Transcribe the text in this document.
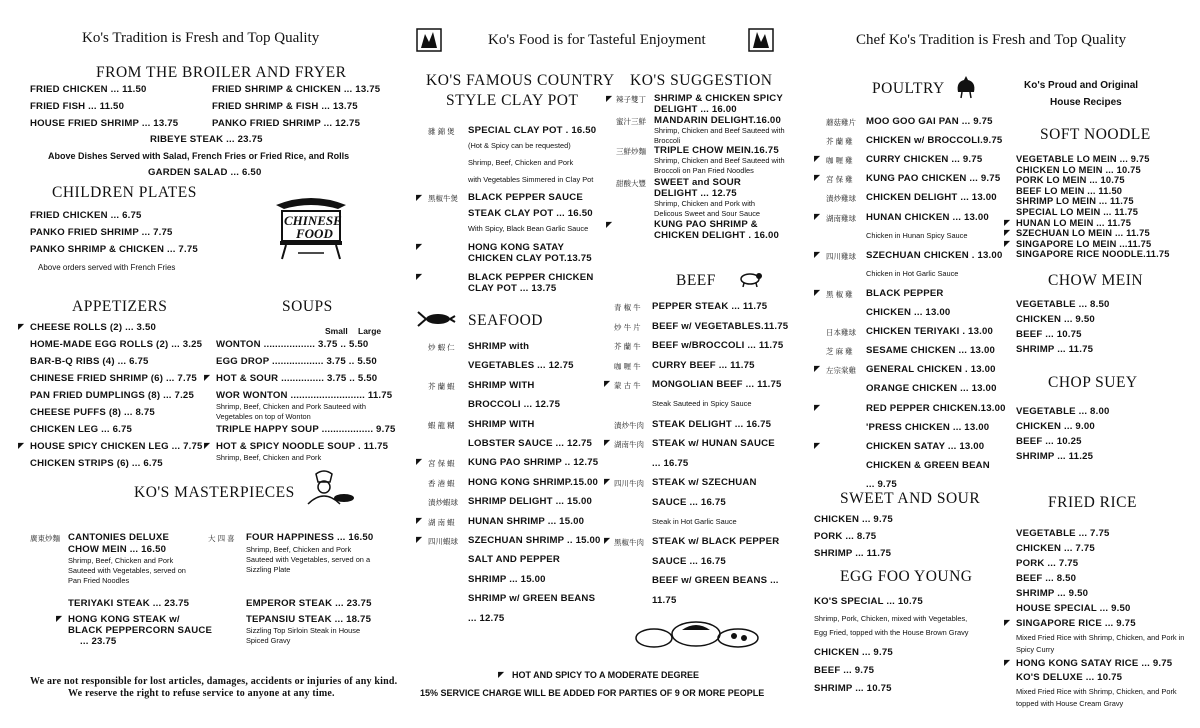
Ko's Tradition is Fresh and Top Quality
FROM THE BROILER AND FRYER
FRIED CHICKEN ... 11.50
FRIED FISH ... 11.50
HOUSE FRIED SHRIMP ... 13.75
FRIED SHRIMP & CHICKEN ... 13.75
FRIED SHRIMP & FISH ... 13.75
PANKO FRIED SHRIMP ... 12.75
RIBEYE STEAK ... 23.75
Above Dishes Served with Salad, French Fries or Fried Rice, and Rolls
GARDEN SALAD ... 6.50
CHILDREN PLATES
FRIED CHICKEN ... 6.75
PANKO FRIED SHRIMP ... 7.75
PANKO SHRIMP & CHICKEN ... 7.75
Above orders served with French Fries
CHINESE
FOOD
APPETIZERS
◤ CHEESE ROLLS (2) ... 3.50
HOME-MADE EGG ROLLS (2) ... 3.25
BAR-B-Q RIBS (4) ... 6.75
CHINESE FRIED SHRIMP (6) ... 7.75
PAN FRIED DUMPLINGS (8) ... 7.25
CHEESE PUFFS (8) ... 8.75
CHICKEN LEG ... 6.75
◤ HOUSE SPICY CHICKEN LEG ... 7.75
CHICKEN STRIPS (6) ... 6.75
SOUPS
Small Large
WONTON .................. 3.75 .. 5.50
EGG DROP .................. 3.75 .. 5.50
◤ HOT & SOUR ............... 3.75 .. 5.50
WOR WONTON .......................... 11.75
Shrimp, Beef, Chicken and Pork Sauteed with Vegetables on top of Wonton
TRIPLE HAPPY SOUP .................. 9.75
◤ HOT & SPICY NOODLE SOUP . 11.75
Shrimp, Beef, Chicken and Pork
KO'S MASTERPIECES
廣東炒麵 CANTONIES DELUXE
CHOW MEIN ... 16.50
Shrimp, Beef, Chicken and Pork Sauteed with Vegetables, served on Pan Fried Noodles
大 四 喜 FOUR HAPPINESS ... 16.50
Shrimp, Beef, Chicken and Pork Sauteed with Vegetables, served on a Sizzling Plate
TERIYAKI STEAK ... 23.75	EMPEROR STEAK ... 23.75
◤ HONG KONG STEAK w/
BLACK PEPPERCORN SAUCE
... 23.75
TEPANSIU STEAK ... 18.75
Sizzling Top Sirloin Steak in House Spiced Gravy
We are not responsible for lost articles, damages, accidents or injuries of any kind.
We reserve the right to refuse service to anyone at any time.
Ko's Food is for Tasteful Enjoyment
KO'S FAMOUS COUNTRY
STYLE CLAY POT
雜 錦 煲 SPECIAL CLAY POT . 16.50
(Hot & Spicy can be requested)
Shrimp, Beef, Chicken and Pork
with Vegetables Simmered in Clay Pot
◤ 黑椒牛煲 BLACK PEPPER SAUCE
STEAK CLAY POT ... 16.50
With Spicy, Black Bean Garlic Sauce
◤	HONG KONG SATAY
CHICKEN CLAY POT.13.75
◤	BLACK PEPPER CHICKEN
CLAY POT ... 13.75
KO'S SUGGESTION
◤ 辣子雙丁 SHRIMP & CHICKEN SPICY
DELIGHT ... 16.00
蜜汁三鮮 MANDARIN DELIGHT.16.00
Shrimp, Chicken and Beef Sauteed with Broccoli
三鮮炒麵 TRIPLE CHOW MEIN.16.75
Shrimp, Chicken and Beef Sauteed with Broccoli on Pan Fried Noodles
甜酸大豐 SWEET and SOUR
DELIGHT ... 12.75
Shrimp, Chicken and Pork with Delicous Sweet and Sour Sauce
◤	KUNG PAO SHRIMP &
CHICKEN DELIGHT . 16.00
SEAFOOD
炒 蝦 仁 SHRIMP with
VEGETABLES ... 12.75
芥 蘭 蝦 SHRIMP WITH
BROCCOLI ... 12.75
蝦 龍 糊 SHRIMP WITH
LOBSTER SAUCE ... 12.75
宮 保 蝦 KUNG PAO SHRIMP .. 12.75
香 港 蝦 HONG KONG SHRIMP.15.00
漬炒蝦球 SHRIMP DELIGHT ... 15.00
湖 南 蝦 HUNAN SHRIMP ... 15.00
四川蝦球 SZECHUAN SHRIMP .. 15.00
SALT AND PEPPER
SHRIMP ... 15.00
SHRIMP w/ GREEN BEANS
... 12.75
◤
◤
◤
BEEF
青 椒 牛 PEPPER STEAK ... 11.75
炒 牛 片 BEEF w/ VEGETABLES.11.75
芥 蘭 牛 BEEF w/BROCCOLI ... 11.75
咖 喱 牛 CURRY BEEF ... 11.75
蒙 古 牛 MONGOLIAN BEEF ... 11.75
Steak Sauteed in Spicy Sauce
漬炒牛肉 STEAK DELIGHT ... 16.75
湖南牛肉 STEAK w/ HUNAN SAUCE
... 16.75
四川牛肉 STEAK w/ SZECHUAN
SAUCE ... 16.75
Steak in Hot Garlic Sauce
黑椒牛肉 STEAK w/ BLACK PEPPER
SAUCE ... 16.75
BEEF w/ GREEN BEANS ...
11.75
◤
◤
◤
◤
◤ HOT AND SPICY TO A MODERATE DEGREE
15% SERVICE CHARGE WILL BE ADDED FOR PARTIES OF 9 OR MORE PEOPLE
Chef Ko's Tradition is Fresh and Top Quality
POULTRY
蘑菇雞片 MOO GOO GAI PAN ... 9.75
芥 蘭 雞 CHICKEN w/ BROCCOLI.9.75
咖 喱 雞 CURRY CHICKEN ... 9.75
宮 保 雞 KUNG PAO CHICKEN ... 9.75
漬炒雞球 CHICKEN DELIGHT ... 13.00
湖南雞球 HUNAN CHICKEN ... 13.00
Chicken in Hunan Spicy Sauce
四川雞球 SZECHUAN CHICKEN . 13.00
Chicken in Hot Garlic Sauce
黑 椒 雞 BLACK PEPPER
CHICKEN ... 13.00
日本雞球 CHICKEN TERIYAKI . 13.00
芝 麻 雞 SESAME CHICKEN ... 13.00
左宗棠雞 GENERAL CHICKEN . 13.00
ORANGE CHICKEN ... 13.00
RED PEPPER CHICKEN.13.00
'PRESS CHICKEN ... 13.00
CHICKEN SATAY ... 13.00
CHICKEN & GREEN BEAN
... 9.75
◤
◤
◤
◤
◤
◤
◤
◤
SWEET AND SOUR
CHICKEN ... 9.75
PORK ... 8.75
SHRIMP ... 11.75
EGG FOO YOUNG
KO'S SPECIAL ... 10.75
Shrimp, Pork, Chicken, mixed with Vegetables, Egg Fried, topped with the House Brown Gravy
CHICKEN ... 9.75
BEEF ... 9.75
SHRIMP ... 10.75
Ko's Proud and Original
House Recipes
SOFT NOODLE
VEGETABLE LO MEIN ... 9.75
CHICKEN LO MEIN ... 10.75
PORK LO MEIN ... 10.75
BEEF LO MEIN ... 11.50
SHRIMP LO MEIN ... 11.75
SPECIAL LO MEIN ... 11.75
HUNAN LO MEIN ... 11.75
SZECHUAN LO MEIN ... 11.75
SINGAPORE LO MEIN ...11.75
SINGAPORE RICE NOODLE.11.75
◤
◤
◤
CHOW MEIN
VEGETABLE ... 8.50
CHICKEN ... 9.50
BEEF ... 10.75
SHRIMP ... 11.75
CHOP SUEY
VEGETABLE ... 8.00
CHICKEN ... 9.00
BEEF ... 10.25
SHRIMP ... 11.25
FRIED RICE
VEGETABLE ... 7.75
CHICKEN ... 7.75
PORK ... 7.75
BEEF ... 8.50
SHRIMP ... 9.50
HOUSE SPECIAL ... 9.50
◤ SINGAPORE RICE ... 9.75
Mixed Fried Rice with Shrimp, Chicken, and Pork in Spicy Curry
◤ HONG KONG SATAY RICE ... 9.75
KO'S DELUXE ... 10.75
Mixed Fried Rice with Shrimp, Chicken, and Pork topped with House Cream Gravy
